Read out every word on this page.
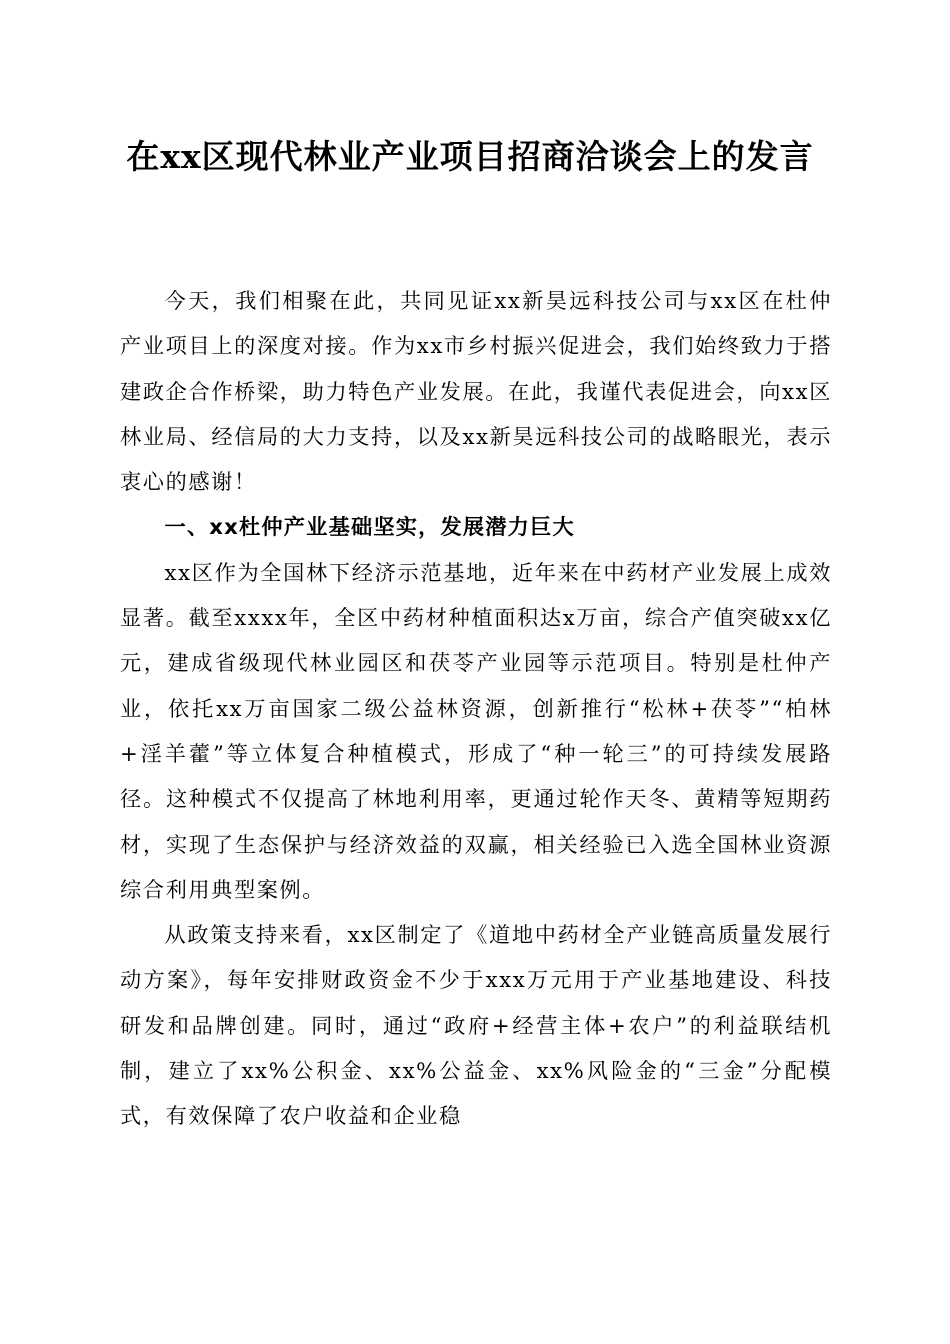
在xx区现代林业产业项目招商洽谈会上的发言

今天，我们相聚在此，共同见证xx新昊远科技公司与xx区在杜仲产业项目上的深度对接。作为xx市乡村振兴促进会，我们始终致力于搭建政企合作桥梁，助力特色产业发展。在此，我谨代表促进会，向xx区林业局、经信局的大力支持，以及xx新昊远科技公司的战略眼光，表示衷心的感谢！

一、xx杜仲产业基础坚实，发展潜力巨大

xx区作为全国林下经济示范基地，近年来在中药材产业发展上成效显著。截至xxxx年，全区中药材种植面积达x万亩，综合产值突破xx亿元，建成省级现代林业园区和茯苓产业园等示范项目。特别是杜仲产业，依托xx万亩国家二级公益林资源，创新推行“松林+茯苓”“柏林+淫羊藿”等立体复合种植模式，形成了“种一轮三”的可持续发展路径。这种模式不仅提高了林地利用率，更通过轮作天冬、黄精等短期药材，实现了生态保护与经济效益的双赢，相关经验已入选全国林业资源综合利用典型案例。

从政策支持来看，xx区制定了《道地中药材全产业链高质量发展行动方案》，每年安排财政资金不少于xxx万元用于产业基地建设、科技研发和品牌创建。同时，通过“政府+经营主体+农户”的利益联结机制，建立了xx%公积金、xx%公益金、xx%风险金的“三金”分配模式，有效保障了农户收益和企业稳
